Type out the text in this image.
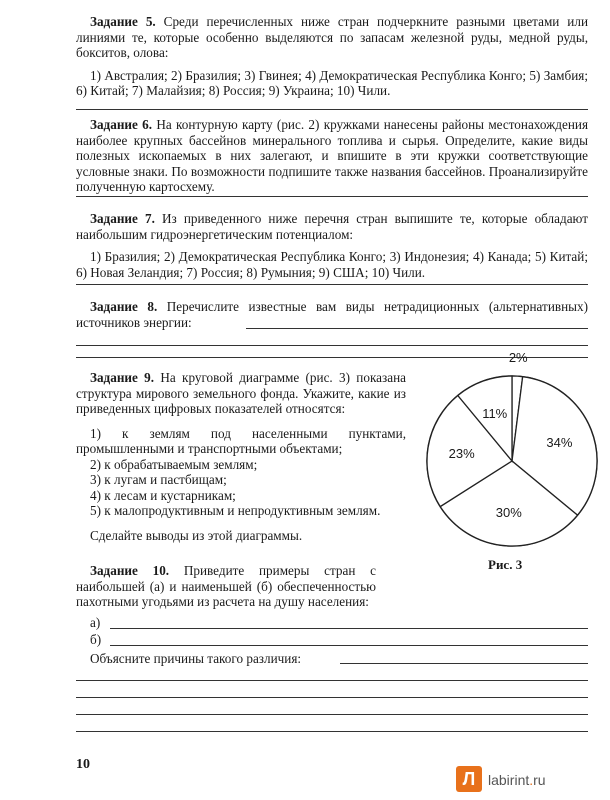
Задание 5. Среди перечисленных ниже стран подчеркните разными цветами или линиями те, которые особенно выделяются по запасам железной руды, медной руды, бокситов, олова:

1) Австралия; 2) Бразилия; 3) Гвинея; 4) Демократическая Республика Конго; 5) Замбия; 6) Китай; 7) Малайзия; 8) Россия; 9) Украина; 10) Чили.

Задание 6. На контурную карту (рис. 2) кружками нанесены районы местонахождения наиболее крупных бассейнов минерального топлива и сырья. Определите, какие виды полезных ископаемых в них залегают, и впишите в эти кружки соответствующие условные знаки. По возможности подпишите также названия бассейнов. Проанализируйте полученную картосхему.

Задание 7. Из приведенного ниже перечня стран выпишите те, которые обладают наибольшим гидроэнергетическим потенциалом:

1) Бразилия; 2) Демократическая Республика Конго; 3) Индонезия; 4) Канада; 5) Китай; 6) Новая Зеландия; 7) Россия; 8) Румыния; 9) США; 10) Чили.

Задание 8. Перечислите известные вам виды нетрадиционных (альтернативных) источников энергии:

Задание 9. На круговой диаграмме (рис. 3) показана структура мирового земельного фонда. Укажите, какие из приведенных цифровых показателей относятся:

1) к землям под населенными пунктами, промышленными и транспортными объектами;

2) к обрабатываемым землям;

3) к лугам и пастбищам;

4) к лесам и кустарникам;

5) к малопродуктивным и непродуктивным землям.

Сделайте выводы из этой диаграммы.

2%
34%
30%
23%
11%
Рис. 3

Задание 10. Приведите примеры стран с наибольшей (а) и наименьшей (б) обеспеченностью пахотными угодьями из расчета на душу населения:

а)
б)
Объясните причины такого различия:
10
Л labirint.ru
